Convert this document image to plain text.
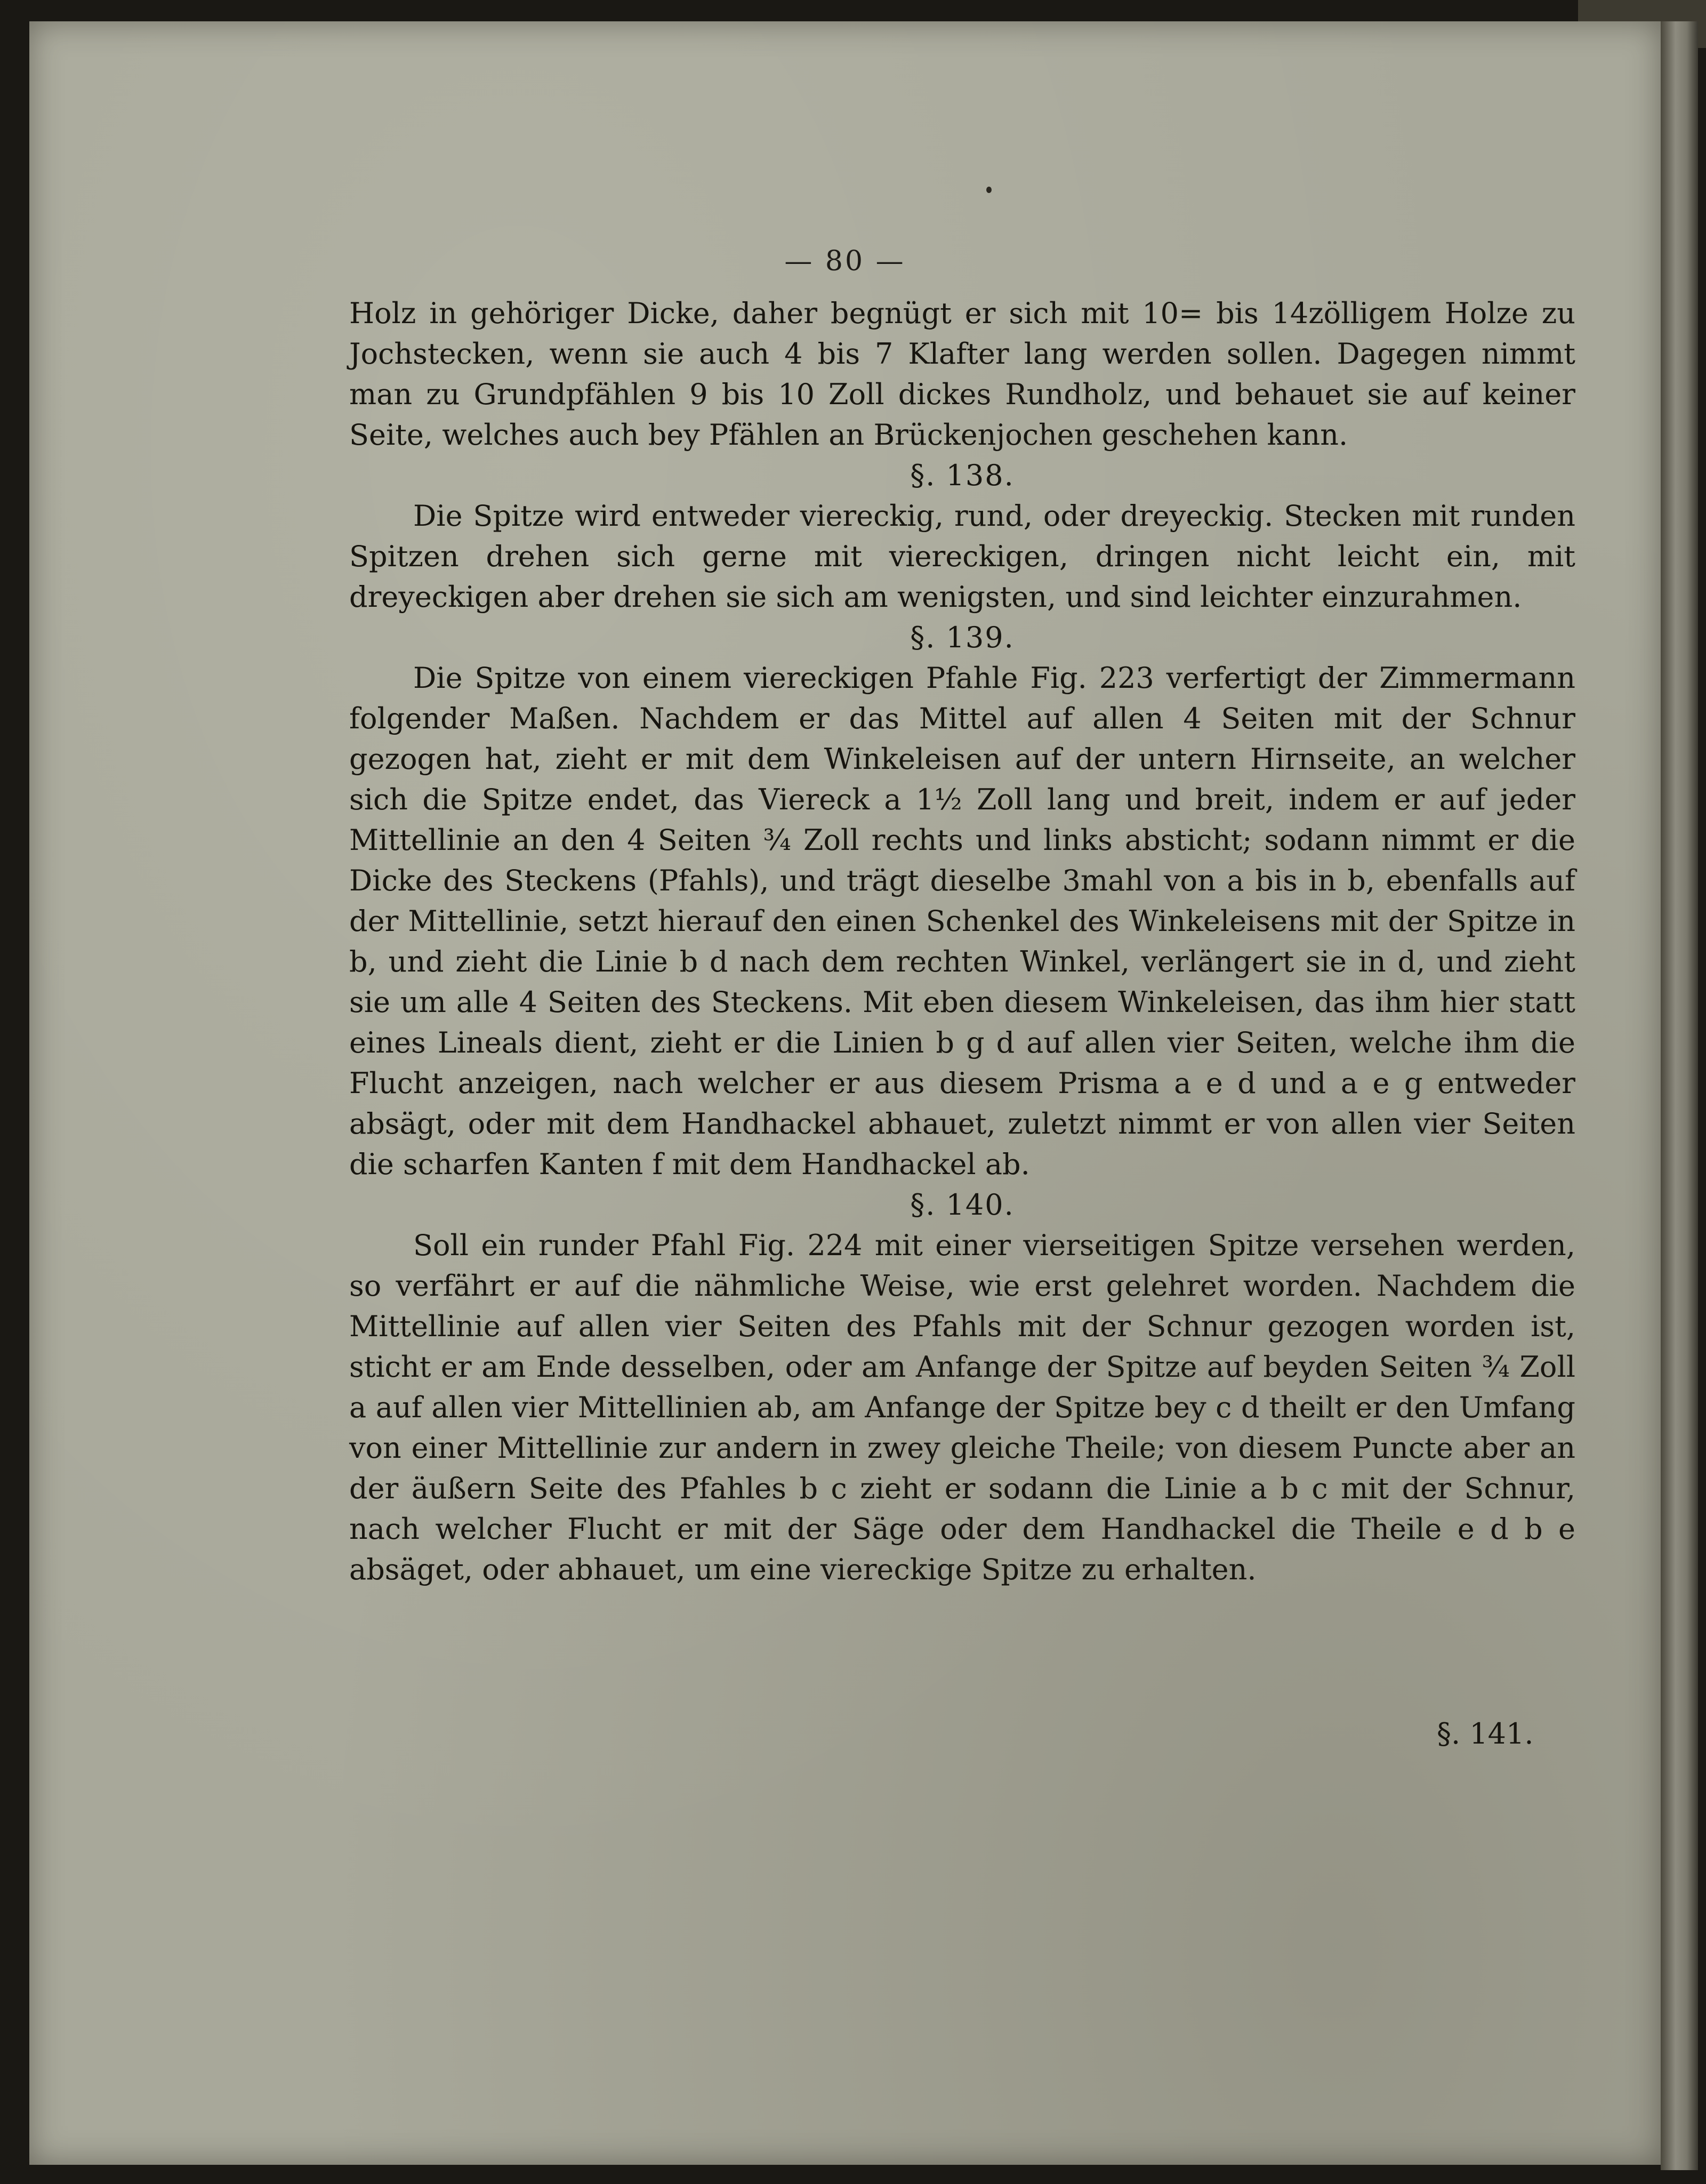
— 80 —

Holz in gehöriger Dicke, daher begnügt er sich mit 10= bis 14zölligem Holze zu Jochstecken, wenn sie auch 4 bis 7 Klafter lang werden sollen. Dagegen nimmt man zu Grundpfählen 9 bis 10 Zoll dickes Rundholz, und behauet sie auf keiner Seite, welches auch bey Pfählen an Brückenjochen geschehen kann.

§. 138.

Die Spitze wird entweder viereckig, rund, oder dreyeckig. Stecken mit runden Spitzen drehen sich gerne mit viereckigen, dringen nicht leicht ein, mit dreyeckigen aber drehen sie sich am wenigsten, und sind leichter einzurahmen.

§. 139.

Die Spitze von einem viereckigen Pfahle Fig. 223 verfertigt der Zimmermann folgender Maßen. Nachdem er das Mittel auf allen 4 Seiten mit der Schnur gezogen hat, zieht er mit dem Winkeleisen auf der untern Hirnseite, an welcher sich die Spitze endet, das Viereck a 1½ Zoll lang und breit, indem er auf jeder Mittellinie an den 4 Seiten ¾ Zoll rechts und links absticht; sodann nimmt er die Dicke des Steckens (Pfahls), und trägt dieselbe 3mahl von a bis in b, ebenfalls auf der Mittellinie, setzt hierauf den einen Schenkel des Winkeleisens mit der Spitze in b, und zieht die Linie b d nach dem rechten Winkel, verlängert sie in d, und zieht sie um alle 4 Seiten des Steckens. Mit eben diesem Winkeleisen, das ihm hier statt eines Lineals dient, zieht er die Linien b g d auf allen vier Seiten, welche ihm die Flucht anzeigen, nach welcher er aus diesem Prisma a e d und a e g entweder absägt, oder mit dem Handhackel abhauet, zuletzt nimmt er von allen vier Seiten die scharfen Kanten f mit dem Handhackel ab.

§. 140.

Soll ein runder Pfahl Fig. 224 mit einer vierseitigen Spitze versehen werden, so verfährt er auf die nähmliche Weise, wie erst gelehret worden. Nachdem die Mittellinie auf allen vier Seiten des Pfahls mit der Schnur gezogen worden ist, sticht er am Ende desselben, oder am Anfange der Spitze auf beyden Seiten ¾ Zoll a auf allen vier Mittellinien ab, am Anfange der Spitze bey c d theilt er den Umfang von einer Mittellinie zur andern in zwey gleiche Theile; von diesem Puncte aber an der äußern Seite des Pfahles b c zieht er sodann die Linie a b c mit der Schnur, nach welcher Flucht er mit der Säge oder dem Handhackel die Theile e d b e absäget, oder abhauet, um eine viereckige Spitze zu erhalten.

§. 141.
